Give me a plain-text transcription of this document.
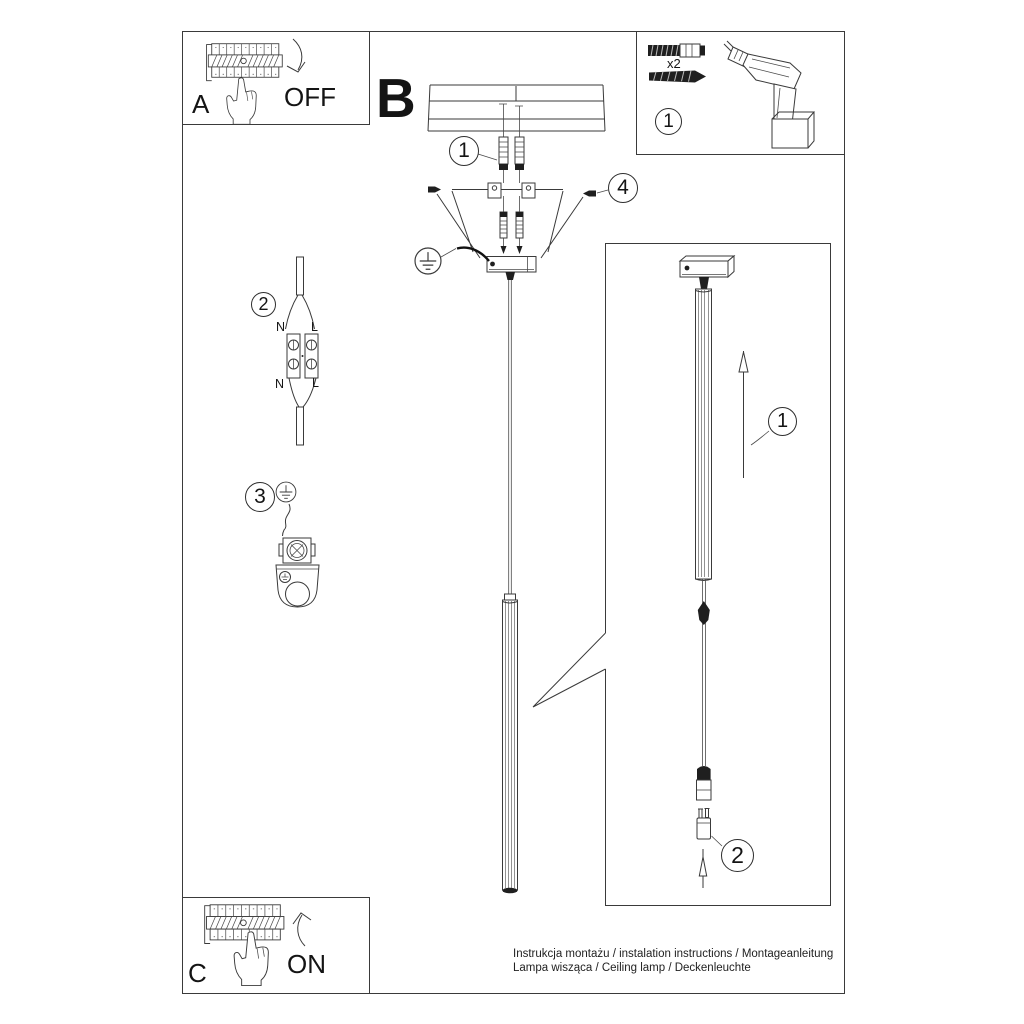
A	OFF B
C	ON
x2
N L
N L
1
1
4
2
3
1
2
Instrukcja montażu / instalation instructions / Montageanleitung
Lampa wisząca / Ceiling lamp / Deckenleuchte
